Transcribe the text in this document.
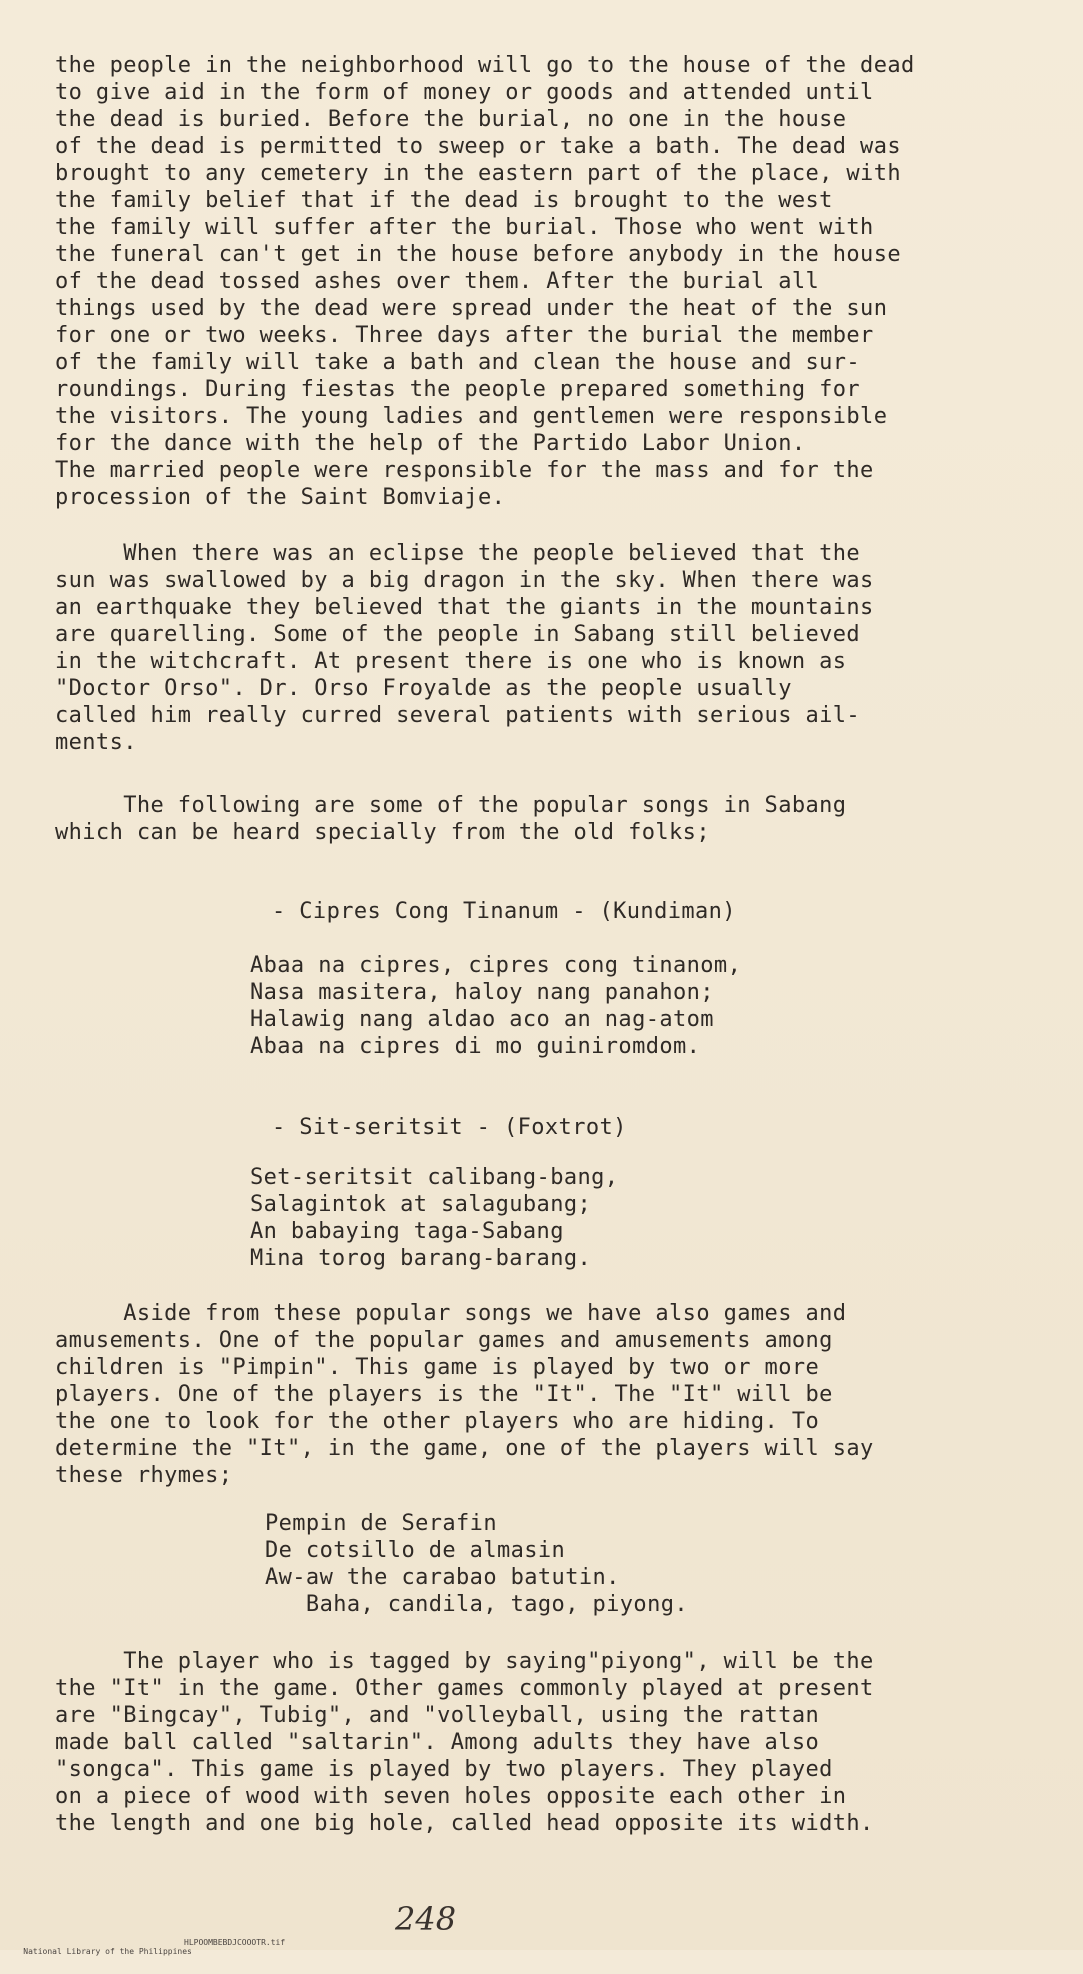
the people in the neighborhood will go to the house of the dead
to give aid in the form of money or goods and attended until
the dead is buried. Before the burial, no one in the house
of the dead is permitted to sweep or take a bath. The dead was
brought to any cemetery in the eastern part of the place, with
the family belief that if the dead is brought to the west
the family will suffer after the burial. Those who went with
the funeral can't get in the house before anybody in the house
of the dead tossed ashes over them. After the burial all
things used by the dead were spread under the heat of the sun
for one or two weeks. Three days after the burial the member
of the family will take a bath and clean the house and sur-
roundings. During fiestas the people prepared something for
the visitors. The young ladies and gentlemen were responsible
for the dance with the help of the Partido Labor Union.
The married people were responsible for the mass and for the
procession of the Saint Bomviaje.
When there was an eclipse the people believed that the
sun was swallowed by a big dragon in the sky. When there was
an earthquake they believed that the giants in the mountains
are quarelling. Some of the people in Sabang still believed
in the witchcraft. At present there is one who is known as
"Doctor Orso". Dr. Orso Froyalde as the people usually
called him really curred several patients with serious ail-
ments.
The following are some of the popular songs in Sabang
which can be heard specially from the old folks;
- Cipres Cong Tinanum - (Kundiman)
Abaa na cipres, cipres cong tinanom,
Nasa masitera, haloy nang panahon;
Halawig nang aldao aco an nag-atom
Abaa na cipres di mo guiniromdom.
- Sit-seritsit - (Foxtrot)
Set-seritsit calibang-bang,
Salagintok at salagubang;
An babaying taga-Sabang
Mina torog barang-barang.
Aside from these popular songs we have also games and
amusements. One of the popular games and amusements among
children is "Pimpin". This game is played by two or more
players. One of the players is the "It". The "It" will be
the one to look for the other players who are hiding. To
determine the "It", in the game, one of the players will say
these rhymes;
Pempin de Serafin
De cotsillo de almasin
Aw-aw the carabao batutin.
Baha, candila, tago, piyong.
The player who is tagged by saying"piyong", will be the
the "It" in the game. Other games commonly played at present
are "Bingcay", Tubig", and "volleyball, using the rattan
made ball called "saltarin". Among adults they have also
"songca". This game is played by two players. They played
on a piece of wood with seven holes opposite each other in
the length and one big hole, called head opposite its width.
248

National Library of the Philippines

HLPOOMBEBDJCOOOTR.tif
